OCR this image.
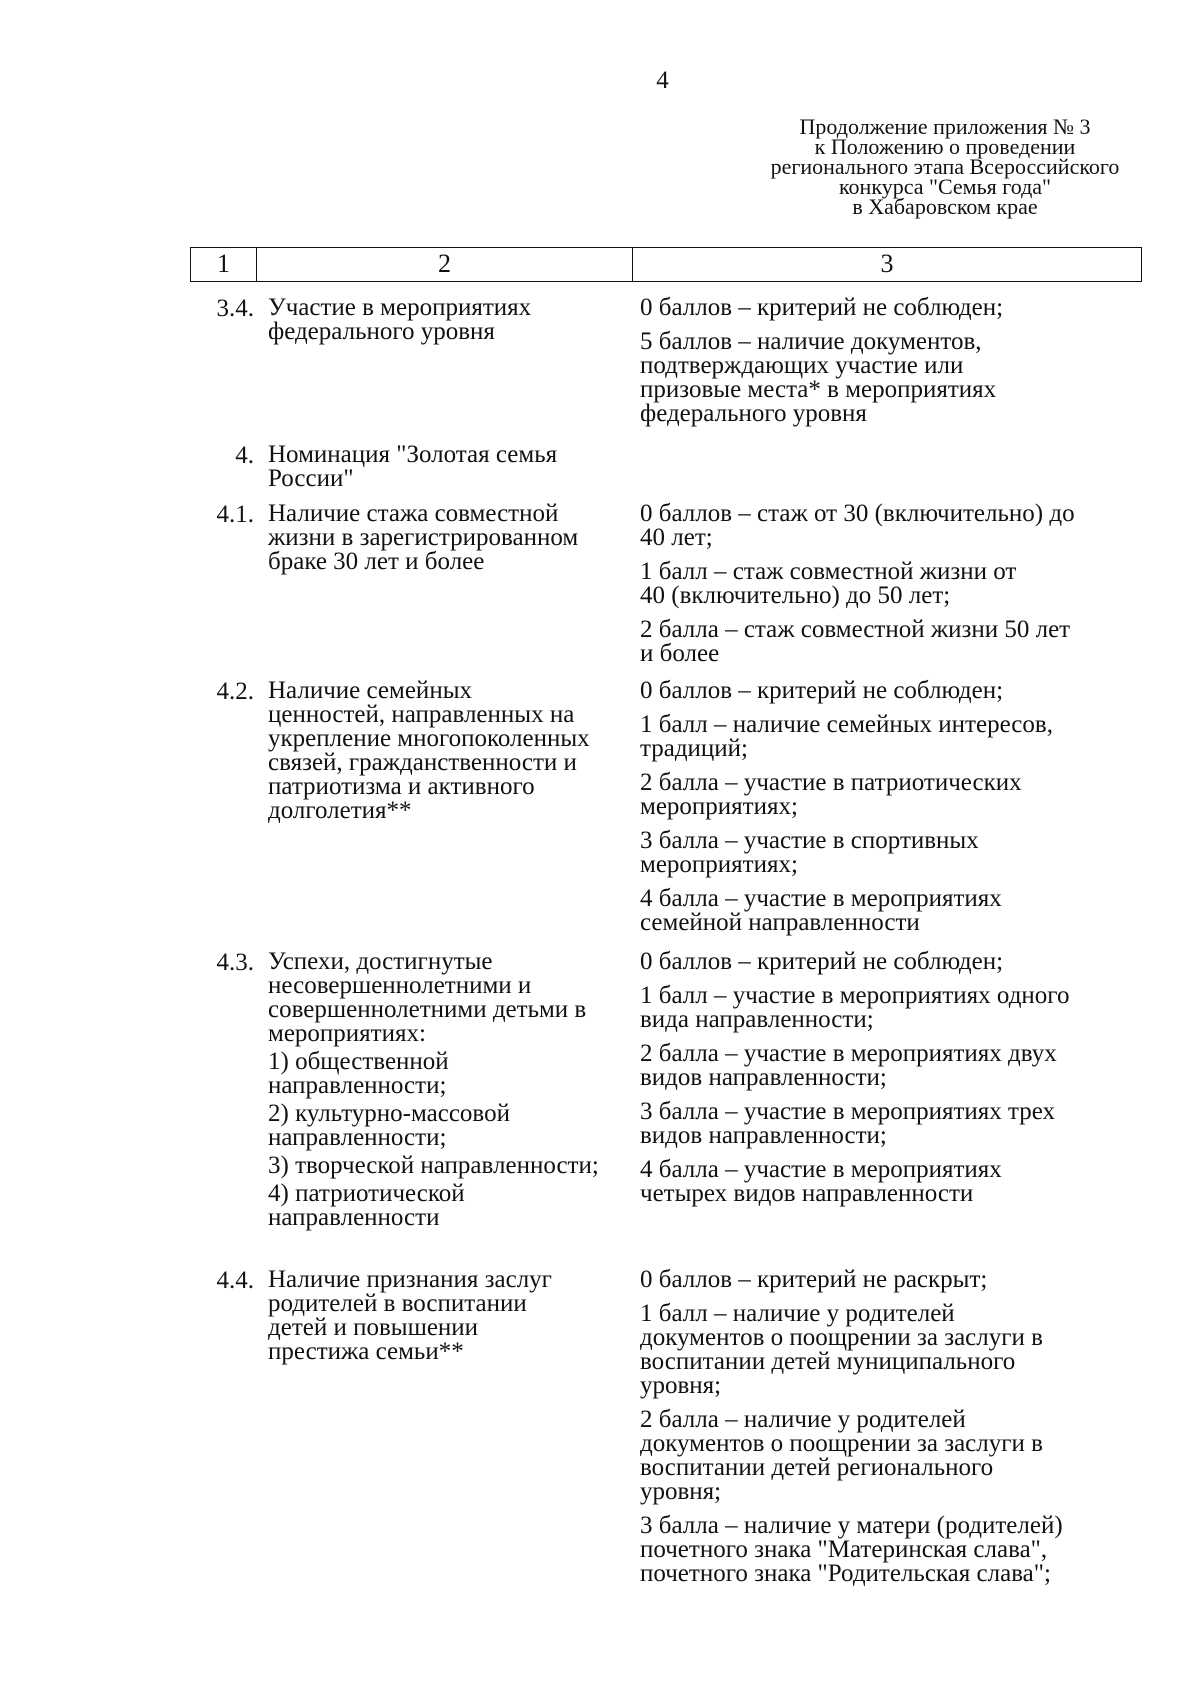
4
Продолжение приложения № 3
к Положению о проведении
регионального этапа Всероссийского
конкурса "Семья года"
в Хабаровском крае
1	2	3
3.4. Участие в мероприятиях
федерального уровня
0 баллов – критерий не соблюден;
5 баллов – наличие документов,
подтверждающих участие или
призовые места* в мероприятиях
федерального уровня
4. Номинация "Золотая семья
России"
4.1. Наличие стажа совместной
жизни в зарегистрированном
браке 30 лет и более
0 баллов – стаж от 30 (включительно) до
40 лет;
1 балл – стаж совместной жизни от
40 (включительно) до 50 лет;
2 балла – стаж совместной жизни 50 лет
и более
4.2. Наличие семейных
ценностей, направленных на
укрепление многопоколенных
связей, гражданственности и
патриотизма и активного
долголетия**
0 баллов – критерий не соблюден;
1 балл – наличие семейных интересов,
традиций;
2 балла – участие в патриотических
мероприятиях;
3 балла – участие в спортивных
мероприятиях;
4 балла – участие в мероприятиях
семейной направленности
4.3. Успехи, достигнутые
несовершеннолетними и
совершеннолетними детьми в
мероприятиях:
1) общественной
направленности;
2) культурно-массовой
направленности;
3) творческой направленности;
4) патриотической
направленности
0 баллов – критерий не соблюден;
1 балл – участие в мероприятиях одного
вида направленности;
2 балла – участие в мероприятиях двух
видов направленности;
3 балла – участие в мероприятиях трех
видов направленности;
4 балла – участие в мероприятиях
четырех видов направленности
4.4. Наличие признания заслуг
родителей в воспитании
детей и повышении
престижа семьи**
0 баллов – критерий не раскрыт;
1 балл – наличие у родителей
документов о поощрении за заслуги в
воспитании детей муниципального
уровня;
2 балла – наличие у родителей
документов о поощрении за заслуги в
воспитании детей регионального
уровня;
3 балла – наличие у матери (родителей)
почетного знака "Материнская слава",
почетного знака "Родительская слава";
